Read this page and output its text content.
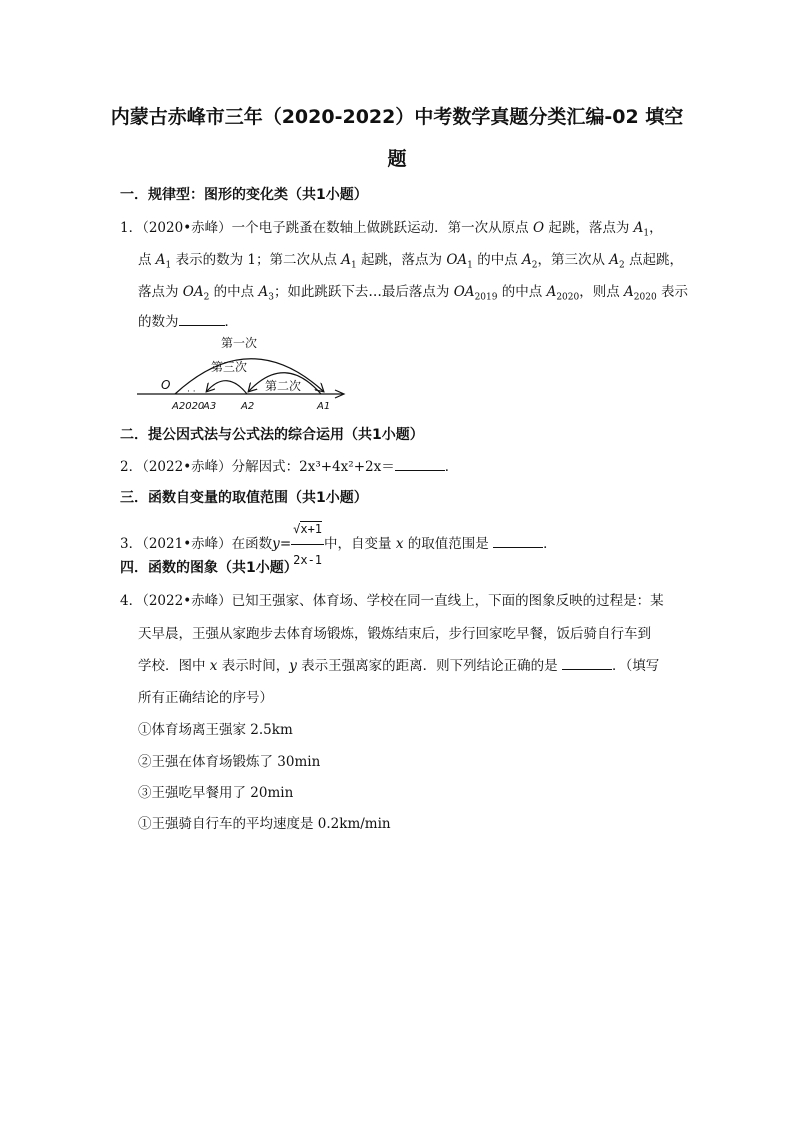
内蒙古赤峰市三年（2020-2022）中考数学真题分类汇编-02 填空
题
一．规律型：图形的变化类（共1小题）
1．（2020•赤峰）一个电子跳蚤在数轴上做跳跃运动．第一次从原点 O 起跳，落点为 $A_1$，
点 $A_1$ 表示的数为 1；第二次从点 $A_1$ 起跳，落点为 $OA_1$ 的中点 $A_2$，第三次从 $A_2$ 点起跳，
落点为 $OA_2$ 的中点 $A_3$；如此跳跃下去…最后落点为 $OA_{2019}$ 的中点 $A_{2020}$，则点 $A_{2020}$ 表示
的数为	．
· ·
第一次
第二次
第三次
O
A2020
A3 A2	A1
二．提公因式法与公式法的综合运用（共1小题）
2．（2022•赤峰）分解因式：2x³+4x²+2x＝	．
三．函数自变量的取值范围（共1小题）
3．（2021•赤峰）在函数$y= \frac{√x+1}{2x-1}$ 中，自变量 x 的取值范围是	．
四．函数的图象（共1小题）
4．（2022•赤峰）已知王强家、体育场、学校在同一直线上，下面的图象反映的过程是：某
天早晨，王强从家跑步去体育场锻炼，锻炼结束后，步行回家吃早餐，饭后骑自行车到
学校．图中 x 表示时间，y 表示王强离家的距离．则下列结论正确的是	．（填写
所有正确结论的序号）
①体育场离王强家 2.5km
②王强在体育场锻炼了 30min
③王强吃早餐用了 20min
①王强骑自行车的平均速度是 0.2km/min
